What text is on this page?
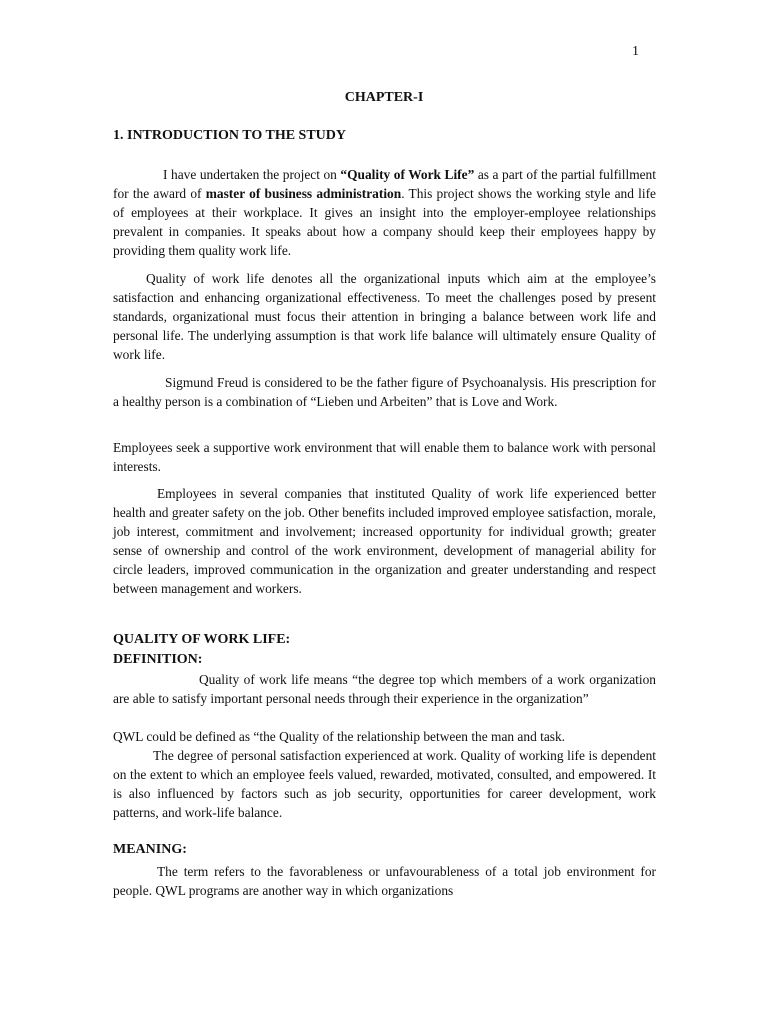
1
CHAPTER-I
1. INTRODUCTION TO THE STUDY

I have undertaken the project on “Quality of Work Life” as a part of the partial fulfillment for the award of master of business administration. This project shows the working style and life of employees at their workplace. It gives an insight into the employer-employee relationships prevalent in companies. It speaks about how a company should keep their employees happy by providing them quality work life.

Quality of work life denotes all the organizational inputs which aim at the employee’s satisfaction and enhancing organizational effectiveness. To meet the challenges posed by present standards, organizational must focus their attention in bringing a balance between work life and personal life. The underlying assumption is that work life balance will ultimately ensure Quality of work life.

Sigmund Freud is considered to be the father figure of Psychoanalysis. His prescription for a healthy person is a combination of “Lieben und Arbeiten” that is Love and Work.

Employees seek a supportive work environment that will enable them to balance work with personal interests.

Employees in several companies that instituted Quality of work life experienced better health and greater safety on the job. Other benefits included improved employee satisfaction, morale, job interest, commitment and involvement; increased opportunity for individual growth; greater sense of ownership and control of the work environment, development of managerial ability for circle leaders, improved communication in the organization and greater understanding and respect between management and workers.

QUALITY OF WORK LIFE:
DEFINITION:

Quality of work life means “the degree top which members of a work organization are able to satisfy important personal needs through their experience in the organization”

QWL could be defined as “the Quality of the relationship between the man and task.

The degree of personal satisfaction experienced at work. Quality of working life is dependent on the extent to which an employee feels valued, rewarded, motivated, consulted, and empowered. It is also influenced by factors such as job security, opportunities for career development, work patterns, and work-life balance.

MEANING:

The term refers to the favorableness or unfavourableness of a total job environment for people. QWL programs are another way in which organizations
